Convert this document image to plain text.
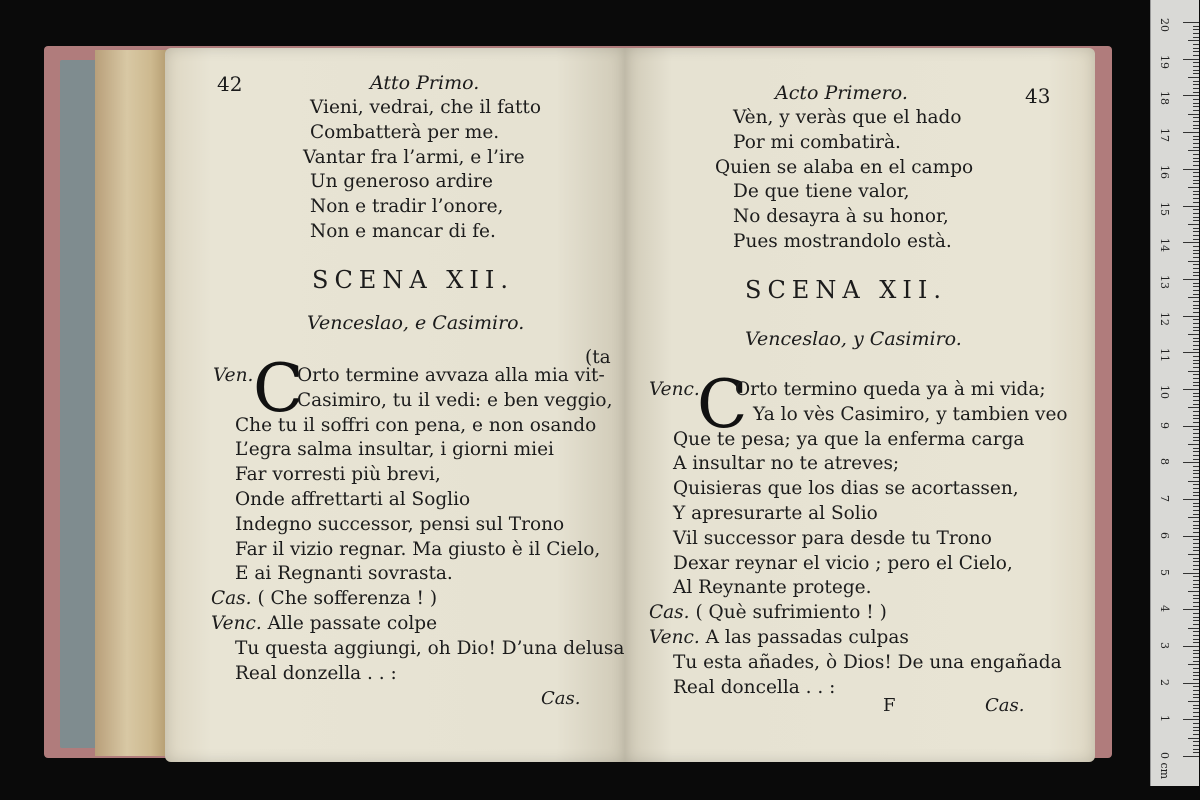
42	Atto Primo.
Vieni, vedrai, che il fatto
Combatterà per me.
Vantar fra l’armi, e l’ire
Un generoso ardire
Non e tradir l’onore,
Non e mancar di fe.
SCENA XII.
Venceslao, e Casimiro.
(ta
Ven. C
Orto termine avvaza alla mia vit-
Casimiro, tu il vedi: e ben veggio,
Che tu il soffri con pena, e non osando
L’egra salma insultar, i giorni miei
Far vorresti più brevi,
Onde affrettarti al Soglio
Indegno successor, pensi sul Trono
Far il vizio regnar. Ma giusto è il Cielo,
E ai Regnanti sovrasta.
Cas. ( Che sofferenza ! )
Venc. Alle passate colpe
Tu questa aggiungi, oh Dio! D’una delusa
Real donzella . . :
Cas.
Acto Primero.	43
Vèn, y veràs que el hado
Por mi combatirà.
Quien se alaba en el campo
De que tiene valor,
No desayra à su honor,
Pues mostrandolo està.
SCENA XII.
Venceslao, y Casimiro.
Venc.
C
Orto termino queda ya à mi vida;
Ya lo vès Casimiro, y tambien veo
Que te pesa; ya que la enferma carga
A insultar no te atreves;
Quisieras que los dias se acortassen,
Y apresurarte al Solio
Vil successor para desde tu Trono
Dexar reynar el vicio ; pero el Cielo,
Al Reynante protege.
Cas. ( Què sufrimiento ! )
Venc. A las passadas culpas
Tu esta añades, ò Dios! De una engañada
Real doncella . . :
F	Cas.
0 cm
1
2
3
4
5
6
7
8
9
10
11
12
13
14
15
16
17
18
19
20
